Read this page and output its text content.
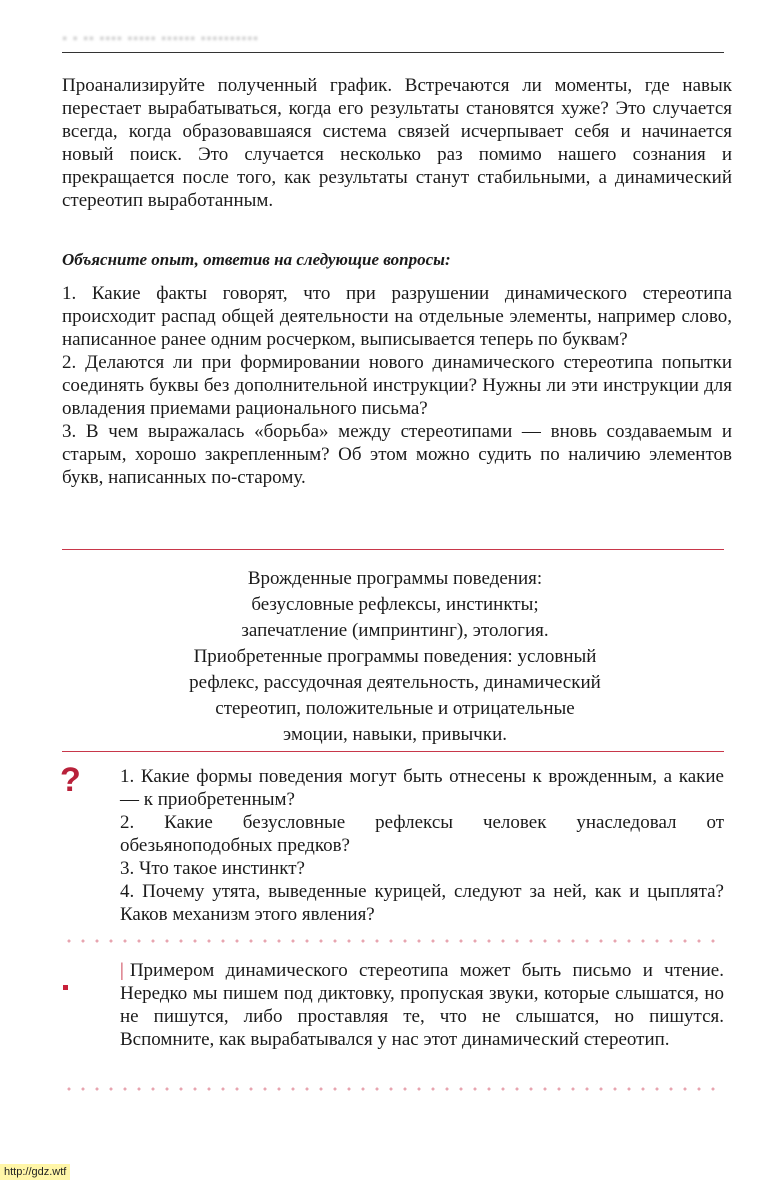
▪ ▪ ▪▪ ▪▪▪▪ ▪▪▪▪▪ ▪▪▪▪▪▪ ▪▪▪▪▪▪▪▪▪▪

Проанализируйте полученный график. Встречаются ли моменты, где навык перестает вырабатываться, когда его результаты становятся хуже? Это случается всегда, когда образовавшаяся система связей исчерпывает себя и начинается новый поиск. Это случается несколько раз помимо нашего сознания и прекращается после того, как результаты станут стабильными, а динамический стереотип выработанным.

Объясните опыт, ответив на следующие вопросы:

1. Какие факты говорят, что при разрушении динамического стереотипа происходит распад общей деятельности на отдельные элементы, например слово, написанное ранее одним росчерком, выписывается теперь по буквам?
2. Делаются ли при формировании нового динамического стереотипа попытки соединять буквы без дополнительной инструкции? Нужны ли эти инструкции для овладения приемами рационального письма?
3. В чем выражалась «борьба» между стереотипами — вновь создаваемым и старым, хорошо закрепленным? Об этом можно судить по наличию элементов букв, написанных по-старому.
Врожденные программы поведения:
безусловные рефлексы, инстинкты;
запечатление (импринтинг), этология.
Приобретенные программы поведения: условный
рефлекс, рассудочная деятельность, динамический
стереотип, положительные и отрицательные
эмоции, навыки, привычки.
? 1. Какие формы поведения могут быть отнесены к врожденным, а какие — к приобретенным?
2. Какие безусловные рефлексы человек унаследовал от обезьяноподобных предков?
3. Что такое инстинкт?
4. Почему утята, выведенные курицей, следуют за ней, как и цыплята? Каков механизм этого явления?

| Примером динамического стереотипа может быть письмо и чтение. Нередко мы пишем под диктовку, пропуская звуки, которые слышатся, но не пишутся, либо проставляя те, что не слышатся, но пишутся. Вспомните, как вырабатывался у нас этот динамический стереотип.

http://gdz.wtf
